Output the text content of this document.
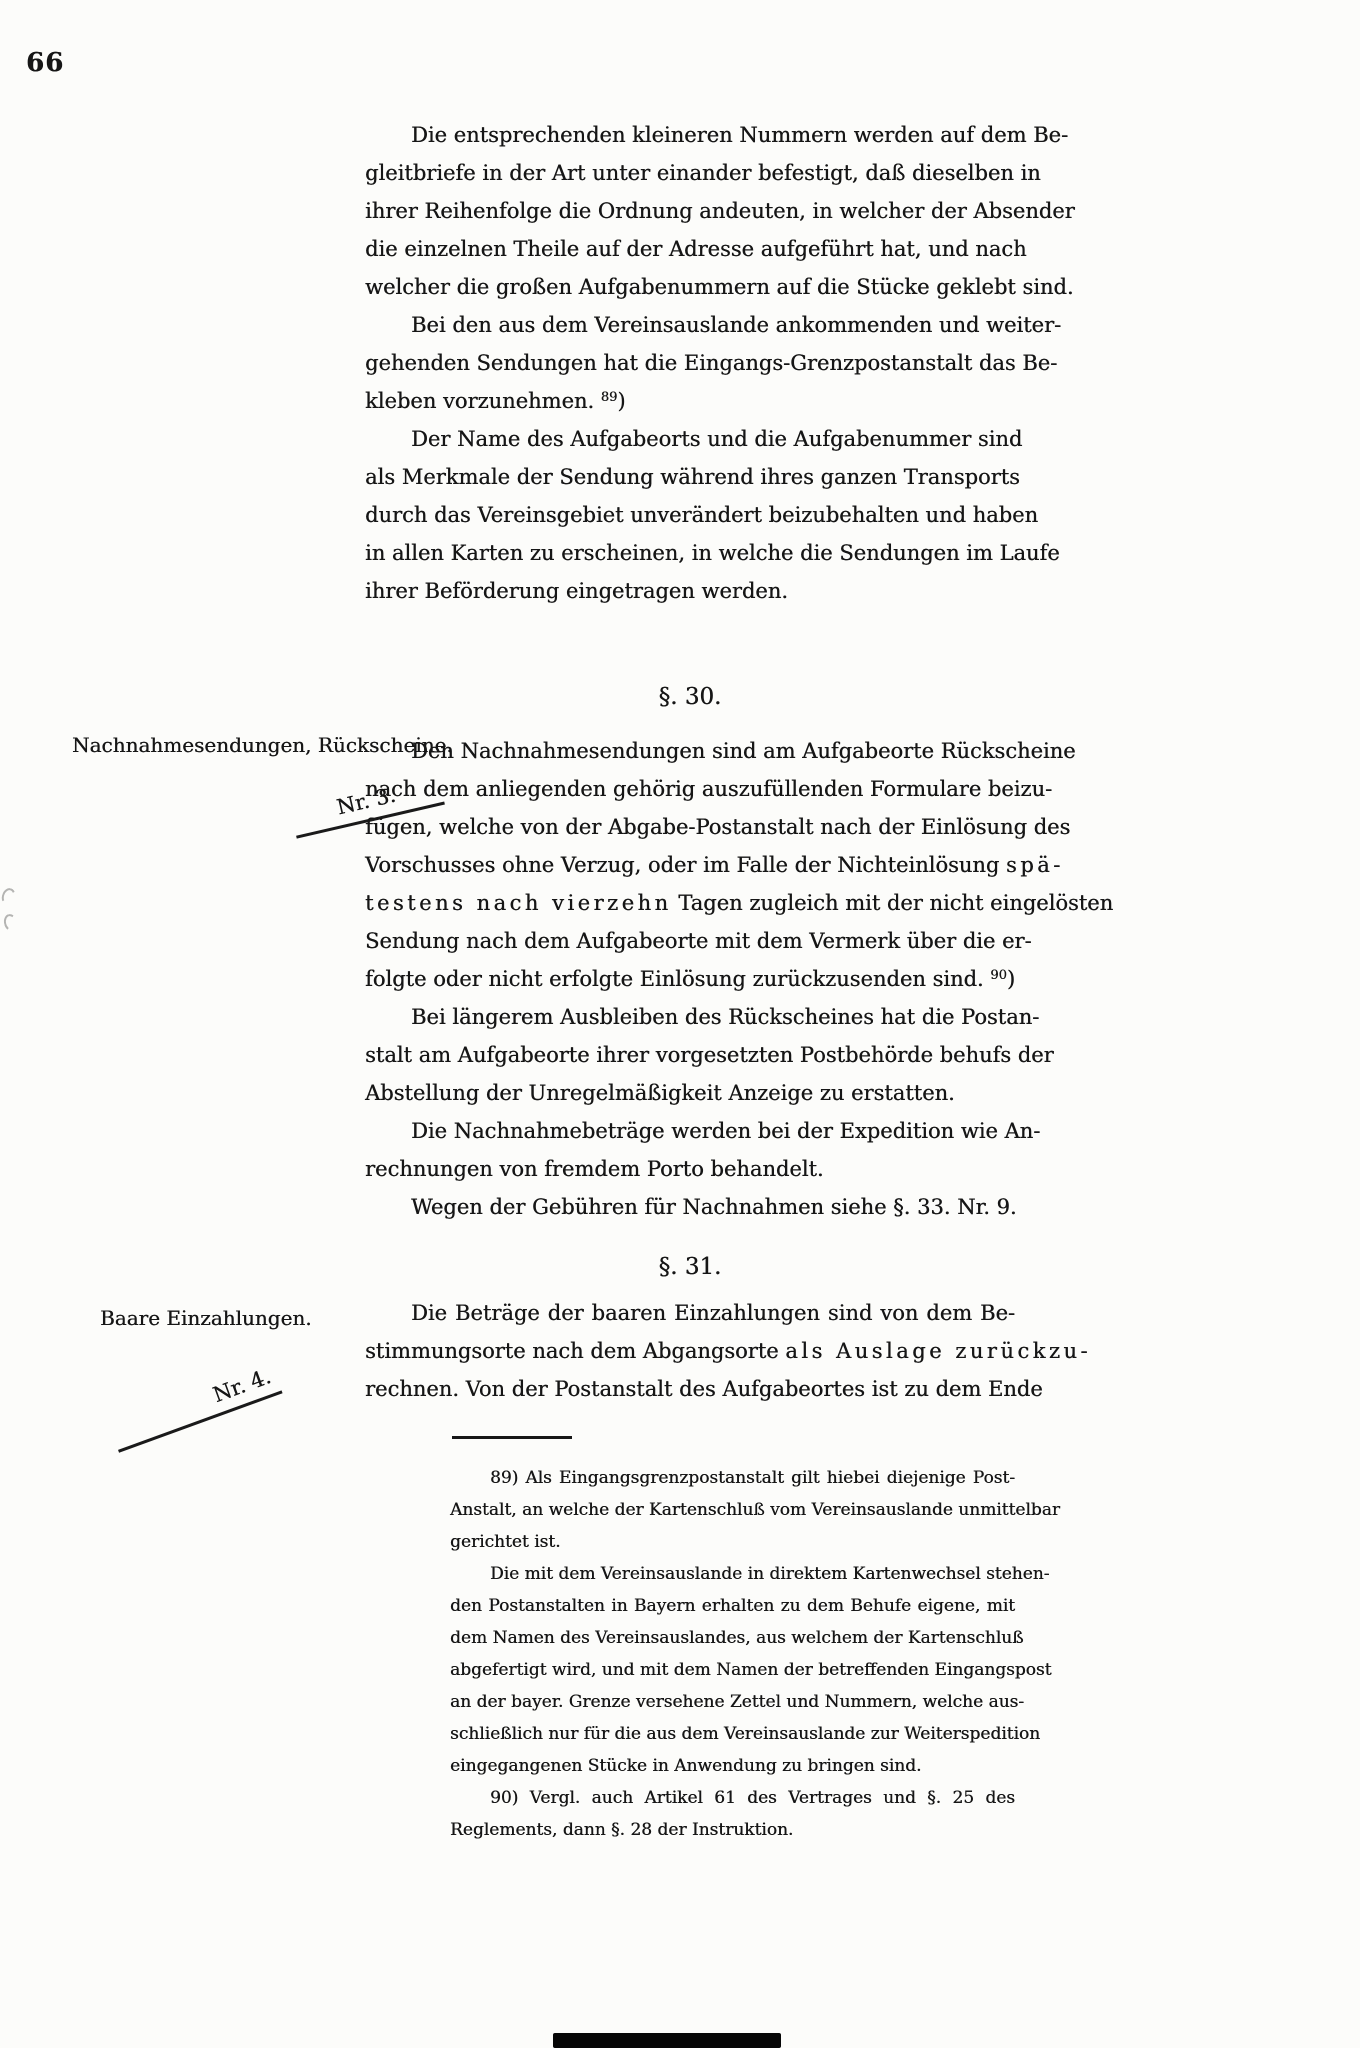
66
Nachnahmesendungen, Rückscheine.
Nr. 3.
Baare Einzahlungen.
Nr. 4.
Die entsprechenden kleineren Nummern werden auf dem Be-
gleitbriefe in der Art unter einander befestigt, daß dieselben in
ihrer Reihenfolge die Ordnung andeuten, in welcher der Absender
die einzelnen Theile auf der Adresse aufgeführt hat, und nach
welcher die großen Aufgabenummern auf die Stücke geklebt sind.
Bei den aus dem Vereinsauslande ankommenden und weiter-
gehenden Sendungen hat die Eingangs-Grenzpostanstalt das Be-
kleben vorzunehmen. $^{89}$)
Der Name des Aufgabeorts und die Aufgabenummer sind
als Merkmale der Sendung während ihres ganzen Transports
durch das Vereinsgebiet unverändert beizubehalten und haben
in allen Karten zu erscheinen, in welche die Sendungen im Laufe
ihrer Beförderung eingetragen werden.
§. 30.
Den Nachnahmesendungen sind am Aufgabeorte Rückscheine
nach dem anliegenden gehörig auszufüllenden Formulare beizu-
fügen, welche von der Abgabe-Postanstalt nach der Einlösung des
Vorschusses ohne Verzug, oder im Falle der Nichteinlösung spä-
testens nach vierzehn Tagen zugleich mit der nicht eingelösten
Sendung nach dem Aufgabeorte mit dem Vermerk über die er-
folgte oder nicht erfolgte Einlösung zurückzusenden sind. $^{90}$)
Bei längerem Ausbleiben des Rückscheines hat die Postan-
stalt am Aufgabeorte ihrer vorgesetzten Postbehörde behufs der
Abstellung der Unregelmäßigkeit Anzeige zu erstatten.
Die Nachnahmebeträge werden bei der Expedition wie An-
rechnungen von fremdem Porto behandelt.
Wegen der Gebühren für Nachnahmen siehe §. 33. Nr. 9.
§. 31.
Die Beträge der baaren Einzahlungen sind von dem Be-
stimmungsorte nach dem Abgangsorte als Auslage zurückzu-
rechnen. Von der Postanstalt des Aufgabeortes ist zu dem Ende
89) Als Eingangsgrenzpostanstalt gilt hiebei diejenige Post-
Anstalt, an welche der Kartenschluß vom Vereinsauslande unmittelbar
gerichtet ist.
Die mit dem Vereinsauslande in direktem Kartenwechsel stehen-
den Postanstalten in Bayern erhalten zu dem Behufe eigene, mit
dem Namen des Vereinsauslandes, aus welchem der Kartenschluß
abgefertigt wird, und mit dem Namen der betreffenden Eingangspost
an der bayer. Grenze versehene Zettel und Nummern, welche aus-
schließlich nur für die aus dem Vereinsauslande zur Weiterspedition
eingegangenen Stücke in Anwendung zu bringen sind.
90) Vergl. auch Artikel 61 des Vertrages und §. 25 des
Reglements, dann §. 28 der Instruktion.
